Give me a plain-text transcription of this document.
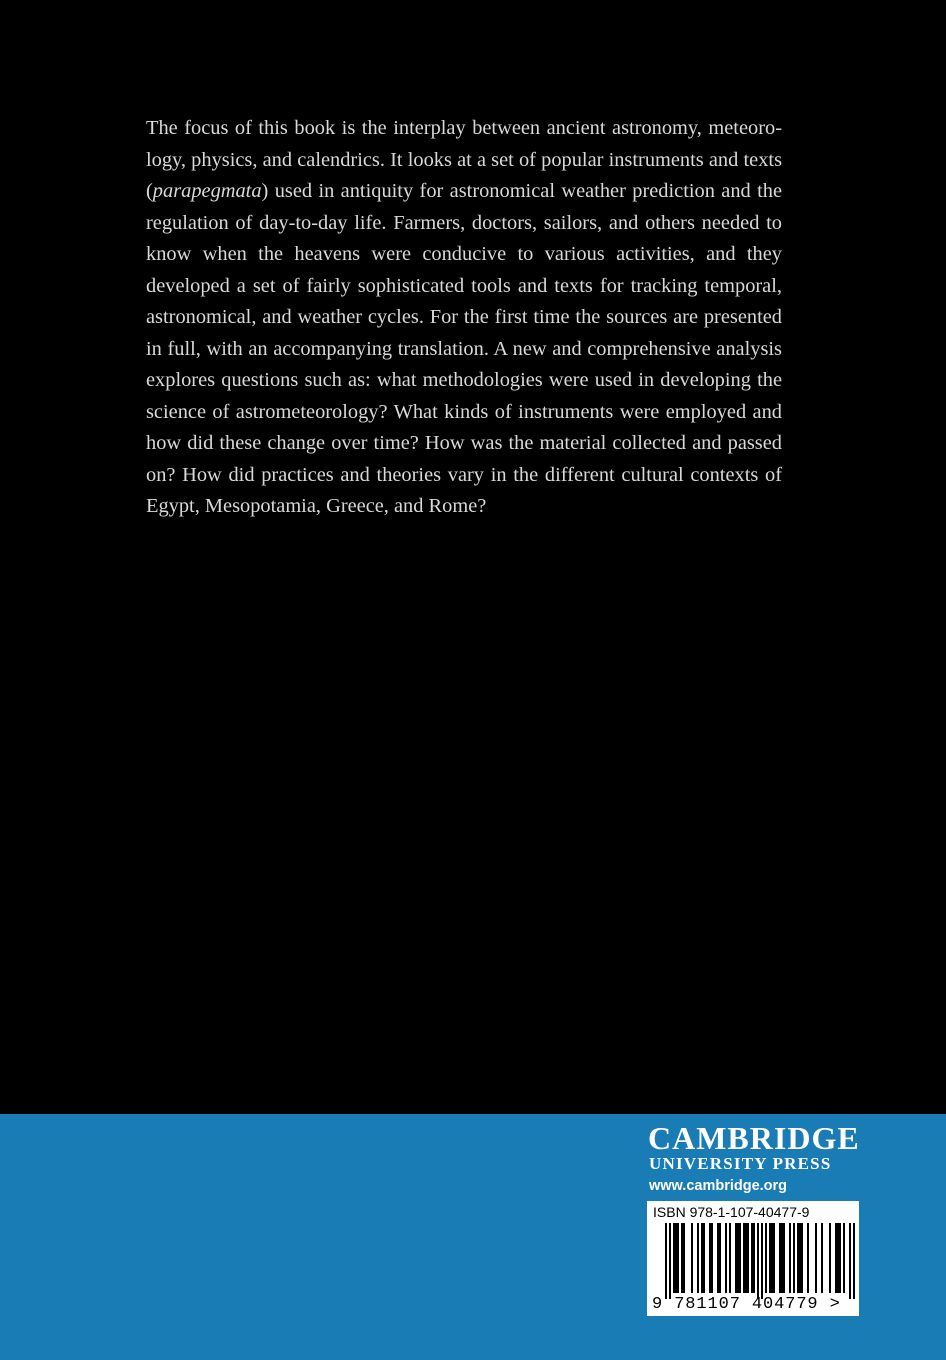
The focus of this book is the interplay between ancient astronomy, meteorology, physics, and calendrics. It looks at a set of popular instruments and texts (parapegmata) used in antiquity for astronomical weather prediction and the regulation of day-to-day life. Farmers, doctors, sailors, and others needed to know when the heavens were conducive to various activities, and they developed a set of fairly sophisticated tools and texts for tracking temporal, astronomical, and weather cycles. For the first time the sources are presented in full, with an accompanying translation. A new and comprehensive analysis explores questions such as: what methodologies were used in developing the science of astrometeorology? What kinds of instruments were employed and how did these change over time? How was the material collected and passed on? How did practices and theories vary in the different cultural contexts of Egypt, Mesopotamia, Greece, and Rome?

CAMBRIDGE
UNIVERSITY PRESS
www.cambridge.org
ISBN 978-1-107-40477-9
9 781107 404779 >
